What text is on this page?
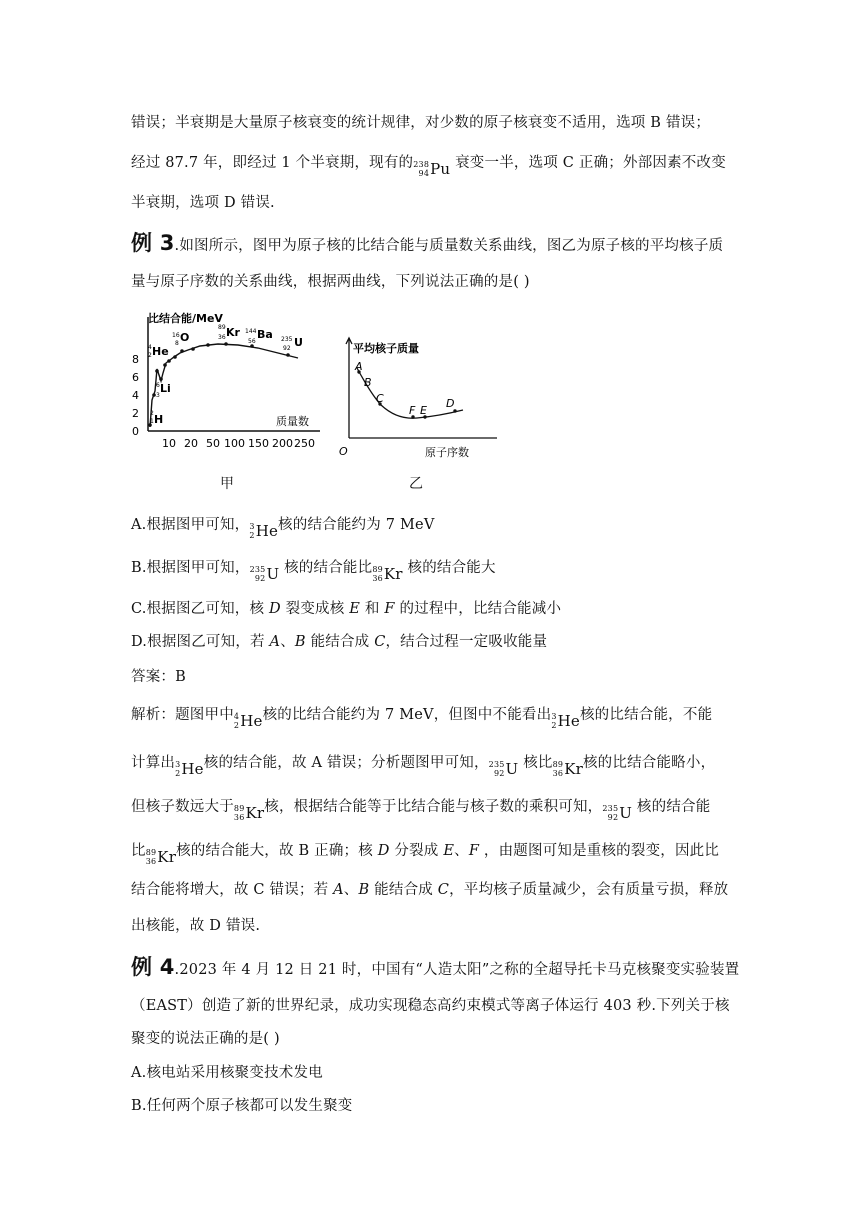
错误；半衰期是大量原子核衰变的统计规律，对少数的原子核衰变不适用，选项 B 错误；
经过 87.7 年，即经过 1 个半衰期，现有的 238
94 Pu 衰变一半，选项 C 正确；外部因素不改变
半衰期，选项 D 错误.
例 3.如图所示，图甲为原子核的比结合能与质量数关系曲线，图乙为原子核的平均核子质
量与原子序数的关系曲线，根据两曲线，下列说法正确的是( )
比结合能/MeV
0
2
4
6
8
10 20 50 100 150 200 250
质量数
2
1 H
6
3
Li
4
2 He
16
8 O
89
36 Kr 144
56
Ba 235
92 U
甲
平均核子质量
O	原子序数
A
B
C
F E
D
乙
A.根据图甲可知， 3
2 He 核的结合能约为 7 MeV
B.根据图甲可知， 235
92 U 核的结合能比 89
36 Kr 核的结合能大
C.根据图乙可知，核 D 裂变成核 E 和 F 的过程中，比结合能减小
D.根据图乙可知，若 A、B 能结合成 C，结合过程一定吸收能量
答案：B
解析：题图甲中 4
2 He 核的比结合能约为 7 MeV，但图中不能看出 3
2 He 核的比结合能，不能
计算出 3
2 He 核的结合能，故 A 错误；分析题图甲可知， 235
92 U 核比 89
36 Kr 核的比结合能略小，
但核子数远大于 89
36 Kr 核，根据结合能等于比结合能与核子数的乘积可知， 235
92 U 核的结合能
比 89
36 Kr 核的结合能大，故 B 正确；核 D 分裂成 E、F ，由题图可知是重核的裂变，因此比
结合能将增大，故 C 错误；若 A、B 能结合成 C，平均核子质量减少，会有质量亏损，释放
出核能，故 D 错误.
例 4.2023 年 4 月 12 日 21 时，中国有“人造太阳”之称的全超导托卡马克核聚变实验装置
（EAST）创造了新的世界纪录，成功实现稳态高约束模式等离子体运行 403 秒.下列关于核
聚变的说法正确的是( )
A.核电站采用核聚变技术发电
B.任何两个原子核都可以发生聚变
